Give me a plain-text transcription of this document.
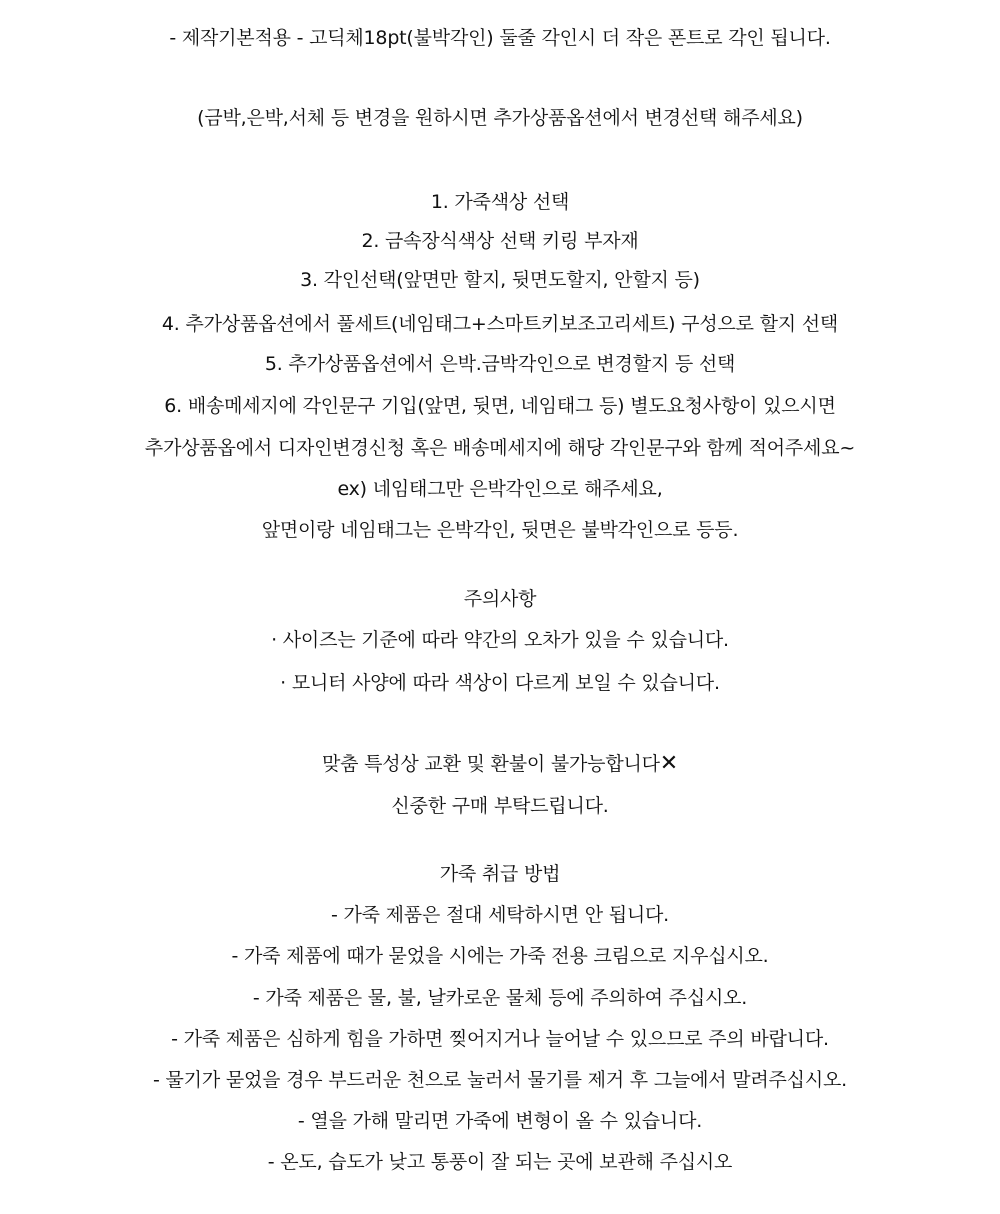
- 제작기본적용 - 고딕체18pt(불박각인) 둘줄 각인시 더 작은 폰트로 각인 됩니다.
(금박,은박,서체 등 변경을 원하시면 추가상품옵션에서 변경선택 해주세요)
1. 가죽색상 선택
2. 금속장식색상 선택 키링 부자재
3. 각인선택(앞면만 할지, 뒷면도할지, 안할지 등)
4. 추가상품옵션에서 풀세트(네임태그+스마트키보조고리세트) 구성으로 할지 선택
5. 추가상품옵션에서 은박.금박각인으로 변경할지 등 선택
6. 배송메세지에 각인문구 기입(앞면, 뒷면, 네임태그 등) 별도요청사항이 있으시면
추가상품옵에서 디자인변경신청 혹은 배송메세지에 해당 각인문구와 함께 적어주세요~
ex) 네임태그만 은박각인으로 해주세요,
앞면이랑 네임태그는 은박각인, 뒷면은 불박각인으로 등등.
주의사항
· 사이즈는 기준에 따라 약간의 오차가 있을 수 있습니다.
· 모니터 사양에 따라 색상이 다르게 보일 수 있습니다.
맞춤 특성상 교환 및 환불이 불가능합니다✕
신중한 구매 부탁드립니다.
가죽 취급 방법
- 가죽 제품은 절대 세탁하시면 안 됩니다.
- 가죽 제품에 때가 묻었을 시에는 가죽 전용 크림으로 지우십시오.
- 가죽 제품은 물, 불, 날카로운 물체 등에 주의하여 주십시오.
- 가죽 제품은 심하게 힘을 가하면 찢어지거나 늘어날 수 있으므로 주의 바랍니다.
- 물기가 묻었을 경우 부드러운 천으로 눌러서 물기를 제거 후 그늘에서 말려주십시오.
- 열을 가해 말리면 가죽에 변형이 올 수 있습니다.
- 온도, 습도가 낮고 통풍이 잘 되는 곳에 보관해 주십시오
